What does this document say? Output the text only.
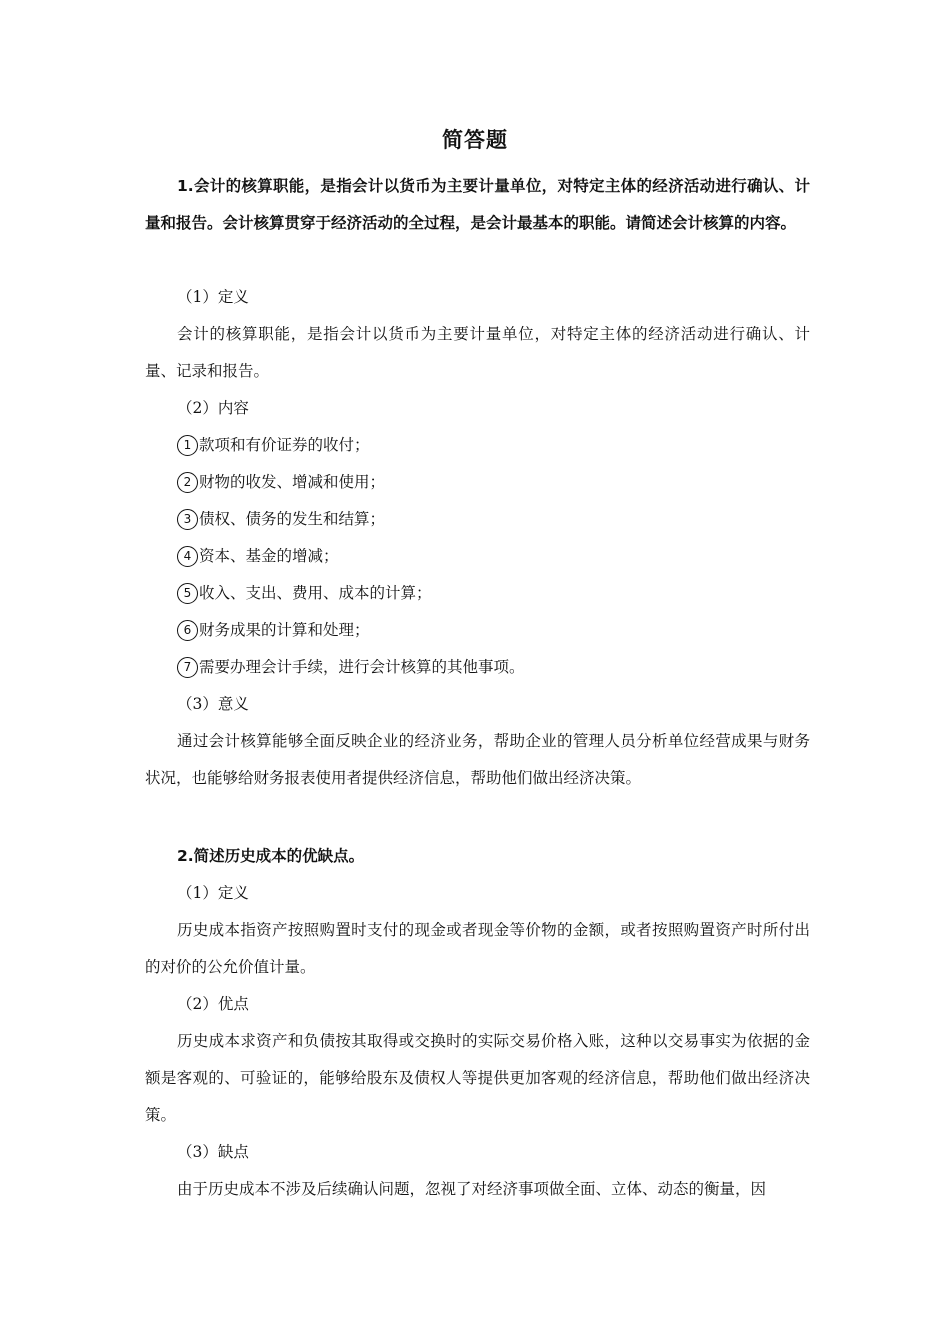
简答题
1.会计的核算职能，是指会计以货币为主要计量单位，对特定主体的经济活动进行确认、计量和报告。会计核算贯穿于经济活动的全过程，是会计最基本的职能。请简述会计核算的内容。

（1）定义

会计的核算职能，是指会计以货币为主要计量单位，对特定主体的经济活动进行确认、计量、记录和报告。

（2）内容

1 款项和有价证券的收付；

2 财物的收发、增减和使用；

3 债权、债务的发生和结算；

4 资本、基金的增减；

5 收入、支出、费用、成本的计算；

6 财务成果的计算和处理；

7 需要办理会计手续，进行会计核算的其他事项。

（3）意义

通过会计核算能够全面反映企业的经济业务，帮助企业的管理人员分析单位经营成果与财务状况，也能够给财务报表使用者提供经济信息，帮助他们做出经济决策。

2.简述历史成本的优缺点。

（1）定义

历史成本指资产按照购置时支付的现金或者现金等价物的金额，或者按照购置资产时所付出的对价的公允价值计量。

（2）优点

历史成本求资产和负债按其取得或交换时的实际交易价格入账，这种以交易事实为依据的金额是客观的、可验证的，能够给股东及债权人等提供更加客观的经济信息，帮助他们做出经济决策。

（3）缺点

由于历史成本不涉及后续确认问题，忽视了对经济事项做全面、立体、动态的衡量，因
